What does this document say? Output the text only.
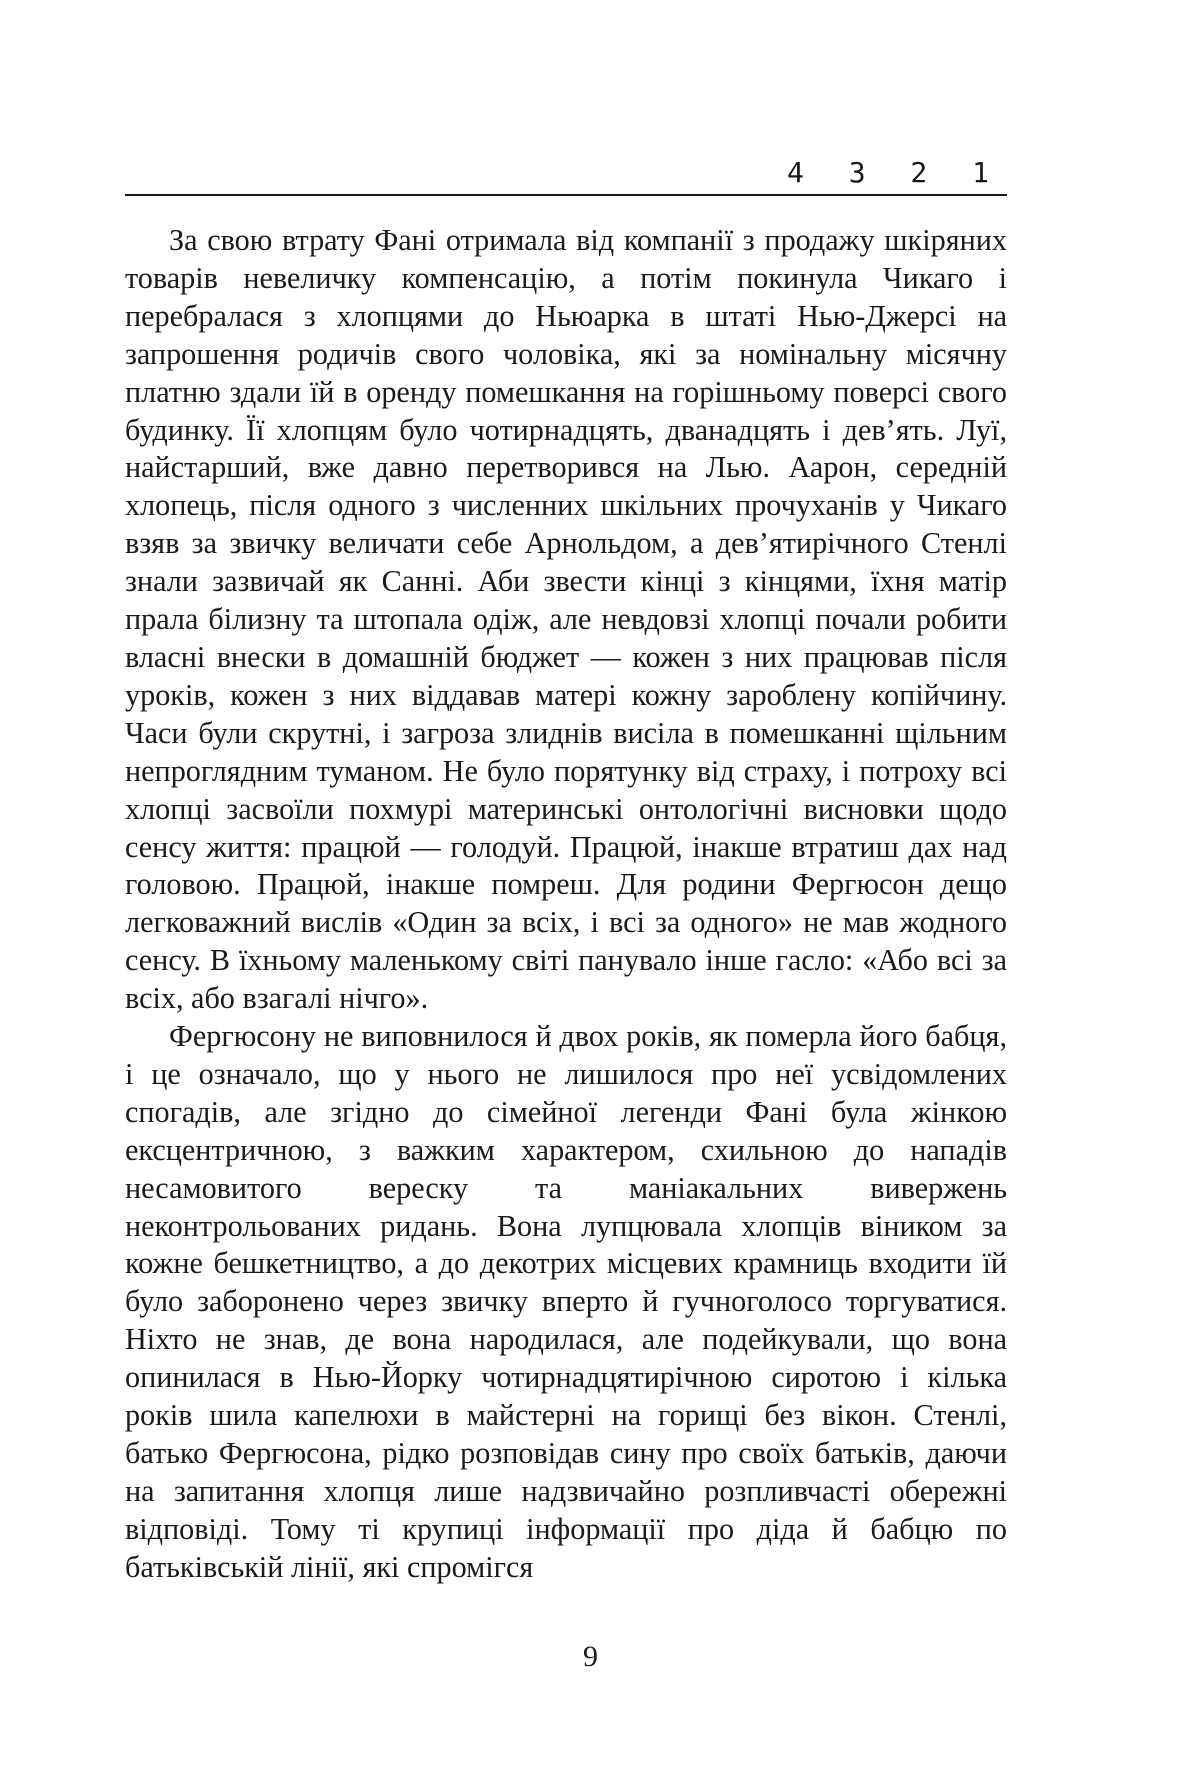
4 3 2 1

За свою втрату Фані отримала від компанії з продажу шкіряних товарів невеличку компенсацію, а потім покинула Чикаго і перебралася з хлопцями до Ньюарка в штаті Нью-Джерсі на запрошення родичів свого чоловіка, які за номінальну місячну платню здали їй в оренду помешкання на горішньому поверсі свого будинку. Її хлопцям було чотирнадцять, дванадцять і дев’ять. Луї, найстарший, вже давно перетворився на Лью. Аарон, середній хлопець, після одного з численних шкільних прочуханів у Чикаго взяв за звичку величати себе Арнольдом, а дев’ятирічного Стенлі знали зазвичай як Санні. Аби звести кінці з кінцями, їхня матір прала білизну та штопала одіж, але невдовзі хлопці почали робити власні внески в домашній бюджет — кожен з них працював після уроків, кожен з них віддавав матері кожну зароблену копійчину. Часи були скрутні, і загроза злиднів висіла в помешканні щільним непроглядним туманом. Не було порятунку від страху, і потроху всі хлопці засвоїли похмурі материнські онтологічні висновки щодо сенсу життя: працюй — голодуй. Працюй, інакше втратиш дах над головою. Працюй, інакше помреш. Для родини Фергюсон дещо легковажний вислів «Один за всіх, і всі за одного» не мав жодного сенсу. В їхньому маленькому світі панувало інше гасло: «Або всі за всіх, або взагалі нічго».

Фергюсону не виповнилося й двох років, як померла його бабця, і це означало, що у нього не лишилося про неї усвідомлених спогадів, але згідно до сімейної легенди Фані була жінкою ексцентричною, з важким характером, схильною до нападів несамовитого вереску та маніакальних вивержень неконтрольованих ридань. Вона лупцювала хлопців віником за кожне бешкетництво, а до декотрих місцевих крамниць входити їй було заборонено через звичку вперто й гучноголосо торгуватися. Ніхто не знав, де вона народилася, але подейкували, що вона опинилася в Нью-Йорку чотирнадцятирічною сиротою і кілька років шила капелюхи в майстерні на горищі без вікон. Стенлі, батько Фергюсона, рідко розповідав сину про своїх батьків, даючи на запитання хлопця лише надзвичайно розпливчасті обережні відповіді. Тому ті крупиці інформації про діда й бабцю по батьківській лінії, які спромігся

9
